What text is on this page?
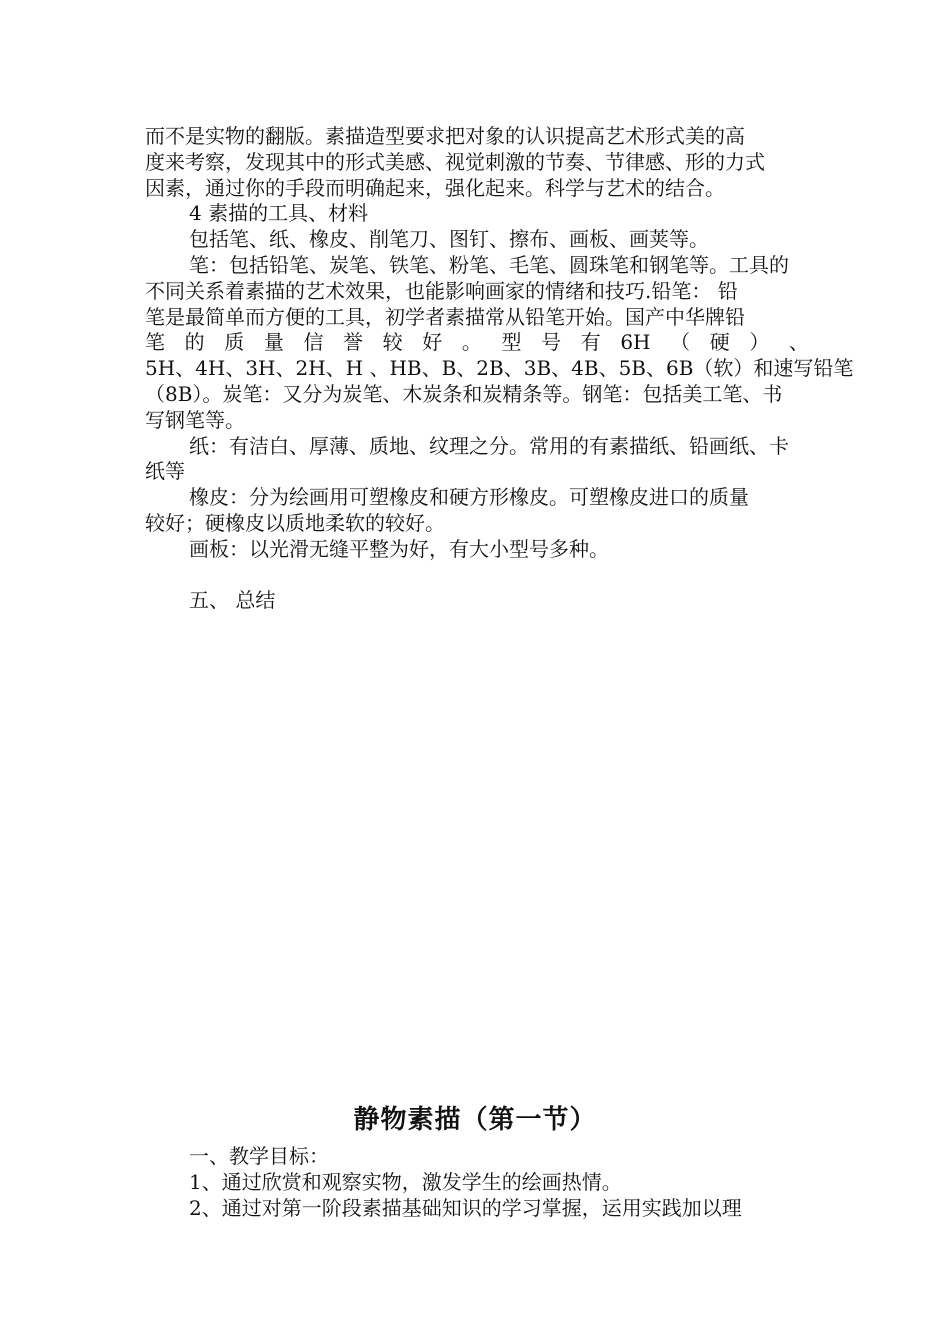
而不是实物的翻版。素描造型要求把对象的认识提高艺术形式美的高
度来考察，发现其中的形式美感、视觉刺激的节奏、节律感、形的力式
因素，通过你的手段而明确起来，强化起来。科学与艺术的结合。
4 素描的工具、材料
包括笔、纸、橡皮、削笔刀、图钉、擦布、画板、画荚等。
笔：包括铅笔、炭笔、铁笔、粉笔、毛笔、圆珠笔和钢笔等。工具的
不同关系着素描的艺术效果，也能影响画家的情绪和技巧.铅笔： 铅
笔是最简单而方便的工具，初学者素描常从铅笔开始。国产中华牌铅
笔 的 质 量 信 誉 较 好 。 型 号 有 6H （ 硬 ） 、
5H、4H、3H、2H、H 、HB、B、2B、3B、4B、5B、6B（软）和速写铅笔
（8B）。炭笔：又分为炭笔、木炭条和炭精条等。钢笔：包括美工笔、书
写钢笔等。
纸：有洁白、厚薄、质地、纹理之分。常用的有素描纸、铅画纸、卡
纸等
橡皮：分为绘画用可塑橡皮和硬方形橡皮。可塑橡皮进口的质量
较好；硬橡皮以质地柔软的较好。
画板：以光滑无缝平整为好，有大小型号多种。
五、 总结
静物素描（第一节）
一、教学目标：
1、通过欣赏和观察实物，激发学生的绘画热情。
2、通过对第一阶段素描基础知识的学习掌握，运用实践加以理
